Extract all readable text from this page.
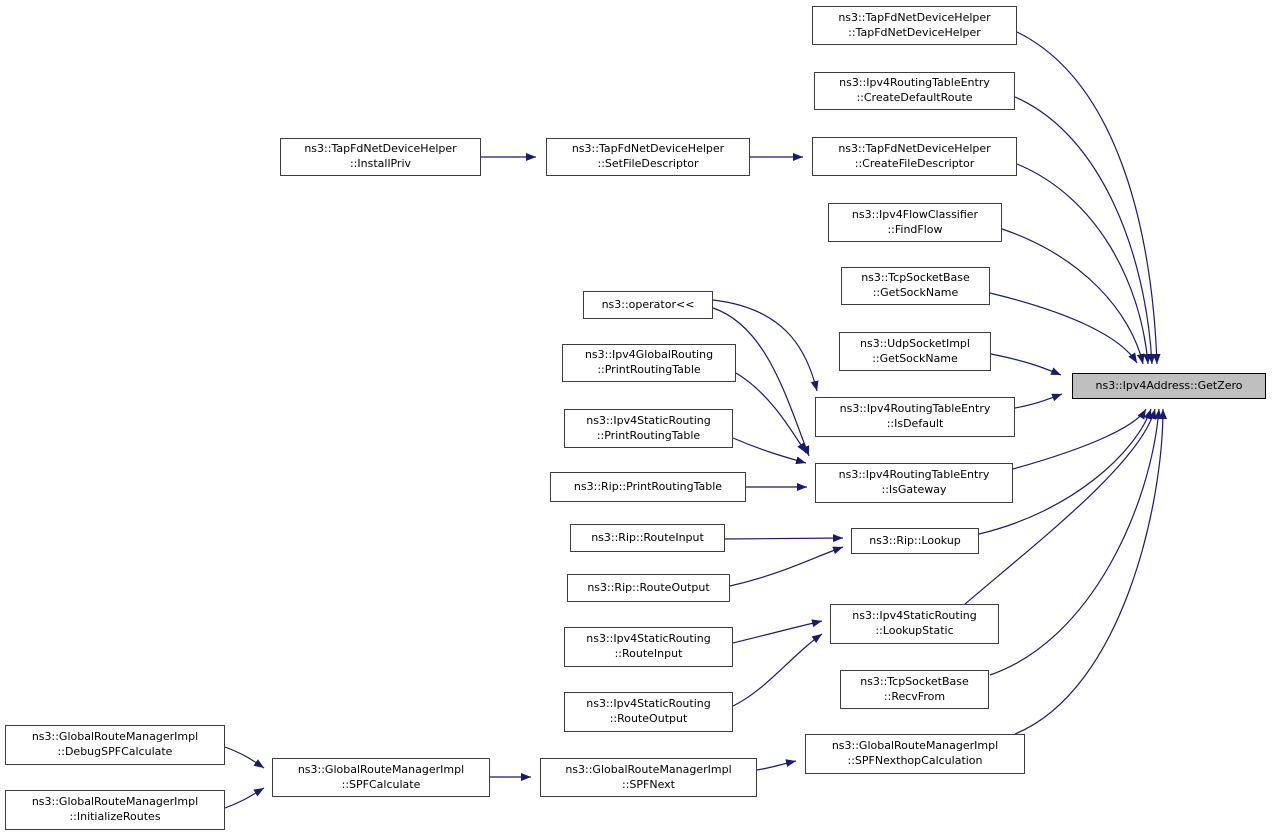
ns3::TapFdNetDeviceHelper
::InstallPriv
ns3::TapFdNetDeviceHelper
::SetFileDescriptor
ns3::TapFdNetDeviceHelper
::TapFdNetDeviceHelper
ns3::Ipv4RoutingTableEntry
::CreateDefaultRoute
ns3::TapFdNetDeviceHelper
::CreateFileDescriptor
ns3::Ipv4FlowClassifier
::FindFlow
ns3::TcpSocketBase
::GetSockName
ns3::UdpSocketImpl
::GetSockName
ns3::operator<<
ns3::Ipv4GlobalRouting
::PrintRoutingTable
ns3::Ipv4StaticRouting
::PrintRoutingTable
ns3::Rip::PrintRoutingTable
ns3::Ipv4RoutingTableEntry
::IsDefault
ns3::Ipv4RoutingTableEntry
::IsGateway
ns3::Rip::RouteInput
ns3::Rip::RouteOutput
ns3::Rip::Lookup
ns3::Ipv4StaticRouting
::RouteInput
ns3::Ipv4StaticRouting
::RouteOutput
ns3::Ipv4StaticRouting
::LookupStatic
ns3::TcpSocketBase
::RecvFrom
ns3::GlobalRouteManagerImpl
::DebugSPFCalculate
ns3::GlobalRouteManagerImpl
::InitializeRoutes
ns3::GlobalRouteManagerImpl
::SPFCalculate
ns3::GlobalRouteManagerImpl
::SPFNext
ns3::GlobalRouteManagerImpl
::SPFNexthopCalculation
ns3::Ipv4Address::GetZero
